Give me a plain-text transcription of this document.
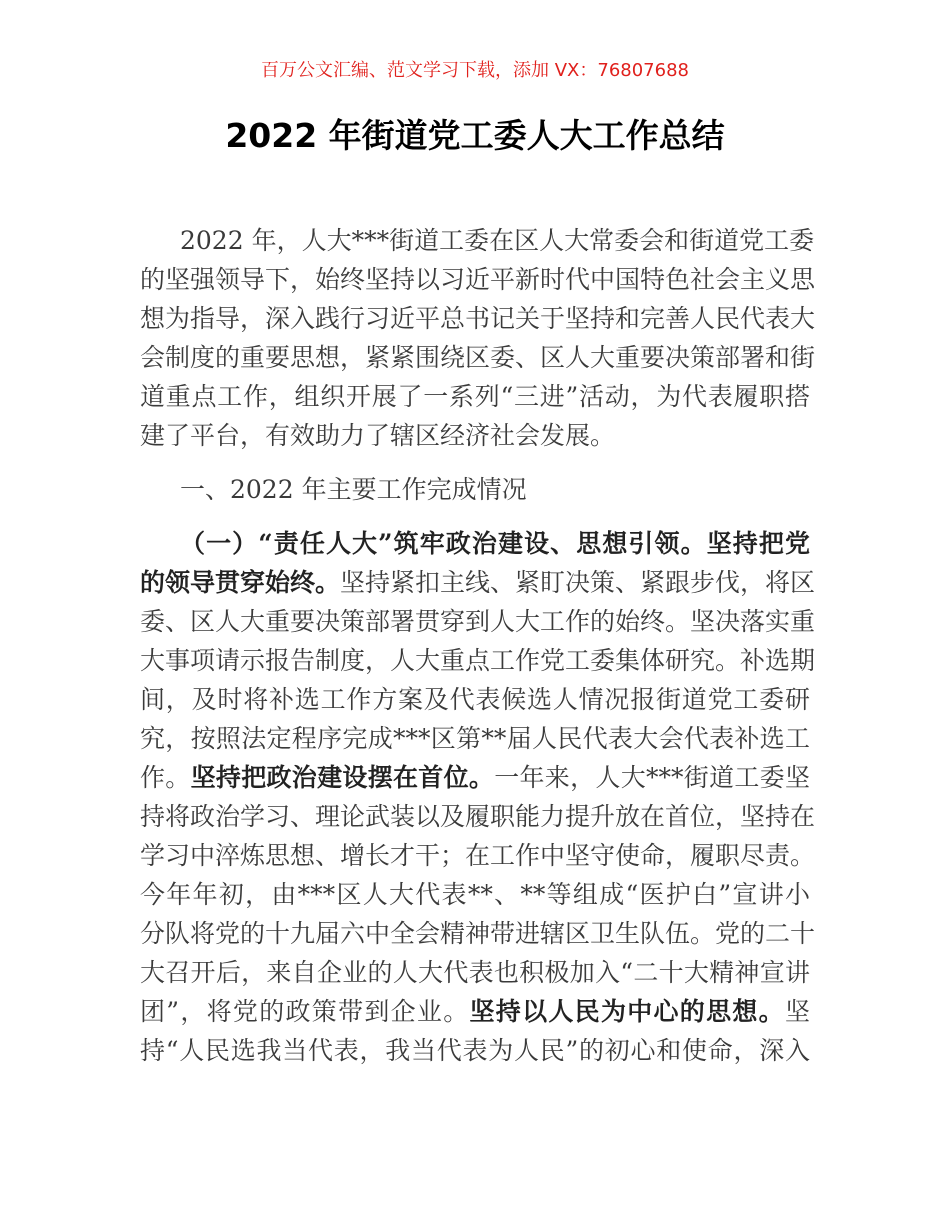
百万公文汇编、范文学习下载，添加 VX：76807688
2022 年街道党工委人大工作总结
2022 年，人大***街道工委在区人大常委会和街道党工委
的坚强领导下，始终坚持以习近平新时代中国特色社会主义思
想为指导，深入践行习近平总书记关于坚持和完善人民代表大
会制度的重要思想，紧紧围绕区委、区人大重要决策部署和街
道重点工作，组织开展了一系列“三进”活动，为代表履职搭
建了平台，有效助力了辖区经济社会发展。
一、2022 年主要工作完成情况
（一）“责任人大”筑牢政治建设、思想引领。坚持把党
的领导贯穿始终。坚持紧扣主线、紧盯决策、紧跟步伐，将区
委、区人大重要决策部署贯穿到人大工作的始终。坚决落实重
大事项请示报告制度，人大重点工作党工委集体研究。补选期
间，及时将补选工作方案及代表候选人情况报街道党工委研
究，按照法定程序完成***区第**届人民代表大会代表补选工
作。坚持把政治建设摆在首位。一年来，人大***街道工委坚
持将政治学习、理论武装以及履职能力提升放在首位，坚持在
学习中淬炼思想、增长才干；在工作中坚守使命，履职尽责。
今年年初，由***区人大代表**、**等组成“医护白”宣讲小
分队将党的十九届六中全会精神带进辖区卫生队伍。党的二十
大召开后，来自企业的人大代表也积极加入“二十大精神宣讲
团”，将党的政策带到企业。坚持以人民为中心的思想。坚
持“人民选我当代表，我当代表为人民”的初心和使命，深入
